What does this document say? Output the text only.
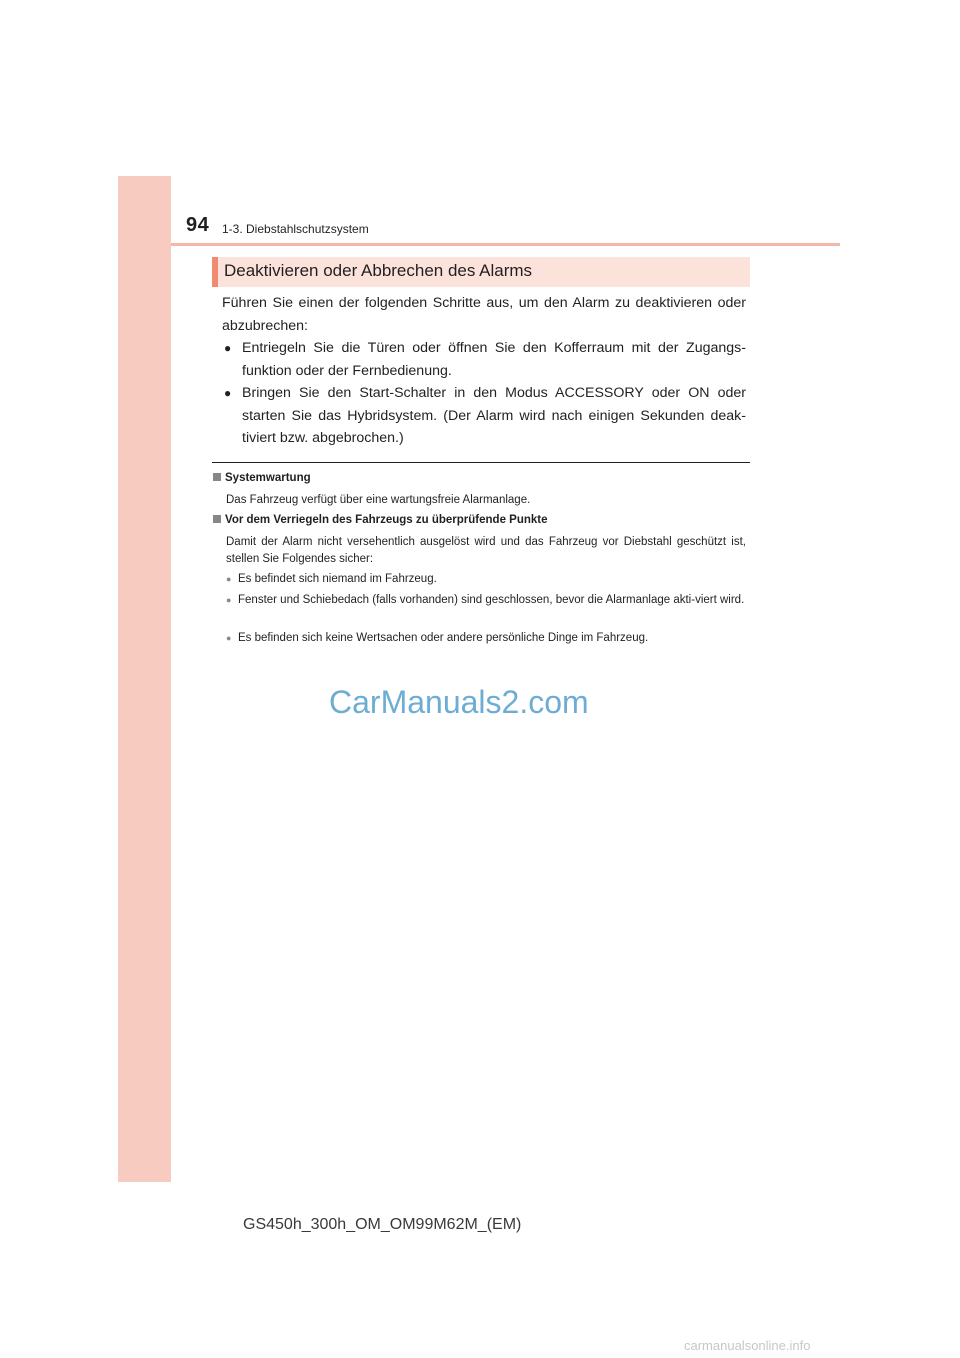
94 1-3. Diebstahlschutzsystem
Deaktivieren oder Abbrechen des Alarms
Führen Sie einen der folgenden Schritte aus, um den Alarm zu deaktivieren oder abzubrechen:
● Entriegeln Sie die Türen oder öffnen Sie den Kofferraum mit der Zugangs-funktion oder der Fernbedienung.
● Bringen Sie den Start-Schalter in den Modus ACCESSORY oder ON oder starten Sie das Hybridsystem. (Der Alarm wird nach einigen Sekunden deak-tiviert bzw. abgebrochen.)
Systemwartung
Das Fahrzeug verfügt über eine wartungsfreie Alarmanlage.
Vor dem Verriegeln des Fahrzeugs zu überprüfende Punkte
Damit der Alarm nicht versehentlich ausgelöst wird und das Fahrzeug vor Diebstahl geschützt ist, stellen Sie Folgendes sicher:
● Es befindet sich niemand im Fahrzeug.
● Fenster und Schiebedach (falls vorhanden) sind geschlossen, bevor die Alarmanlage akti-viert wird.
● Es befinden sich keine Wertsachen oder andere persönliche Dinge im Fahrzeug.
CarManuals2.com
GS450h_300h_OM_OM99M62M_(EM)
carmanualsonline.info
